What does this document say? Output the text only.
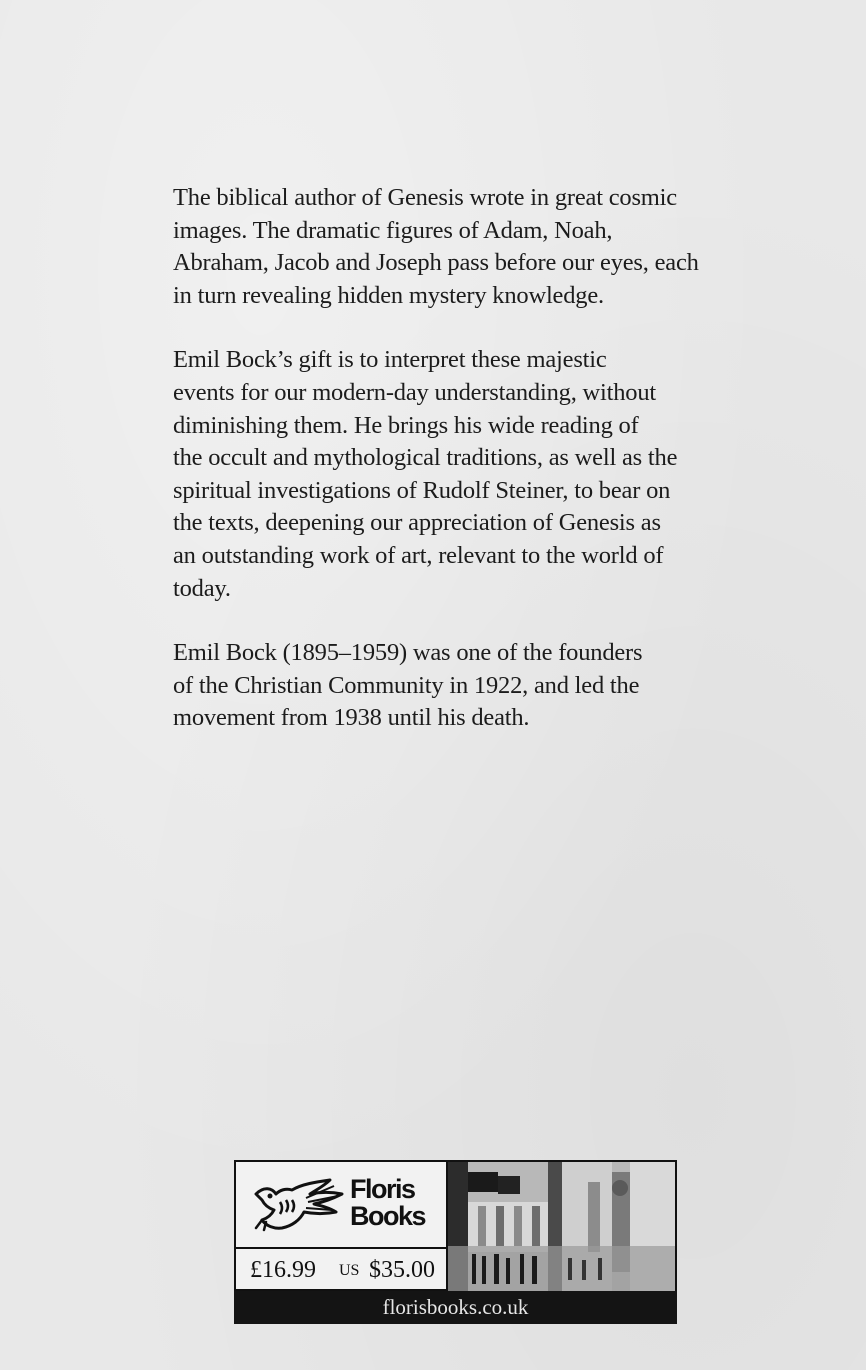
The biblical author of Genesis wrote in great cosmic
images. The dramatic figures of Adam, Noah,
Abraham, Jacob and Joseph pass before our eyes, each
in turn revealing hidden mystery knowledge.

Emil Bock’s gift is to interpret these majestic
events for our modern-day understanding, without
diminishing them. He brings his wide reading of
the occult and mythological traditions, as well as the
spiritual investigations of Rudolf Steiner, to bear on
the texts, deepening our appreciation of Genesis as
an outstanding work of art, relevant to the world of
today.

Emil Bock (1895–1959) was one of the founders
of the Christian Community in 1922, and led the
movement from 1938 until his death.

Floris
Books
£16.99 US $35.00
florisbooks.co.uk
